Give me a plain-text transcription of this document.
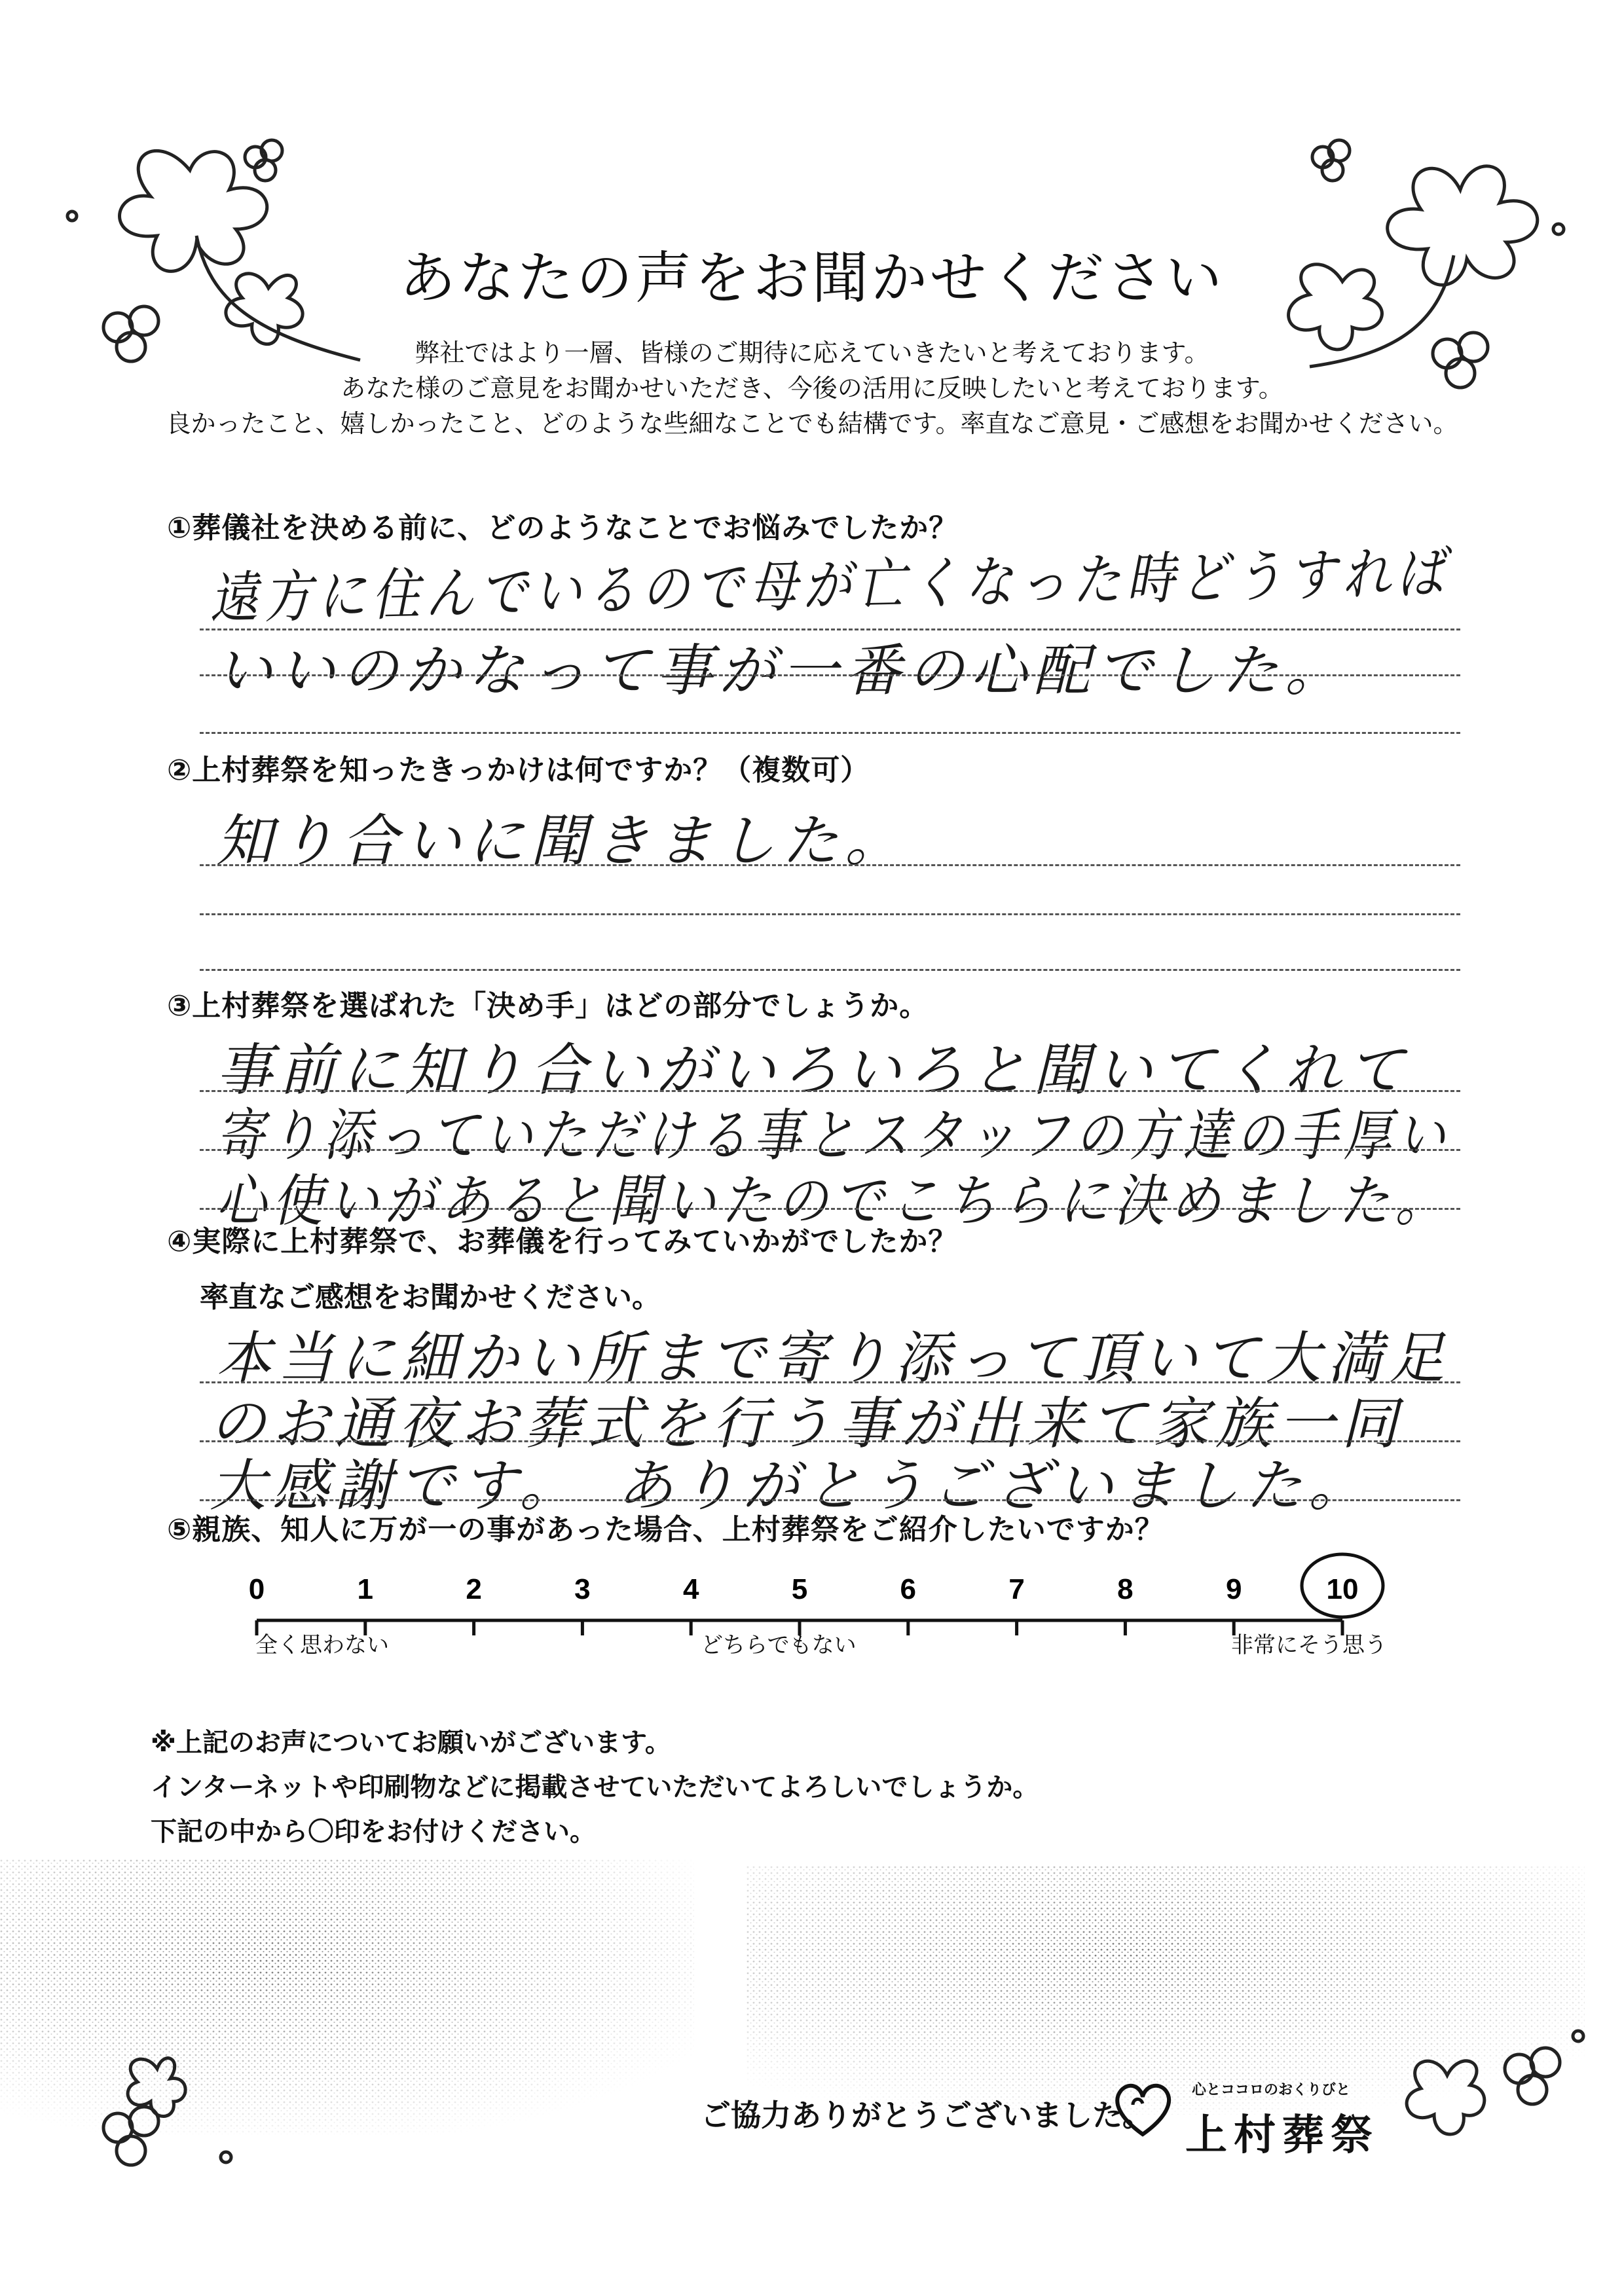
あなたの声をお聞かせください
弊社ではより一層、皆様のご期待に応えていきたいと考えております。
あなた様のご意見をお聞かせいただき、今後の活用に反映したいと考えております。
良かったこと、嬉しかったこと、どのような些細なことでも結構です。率直なご意見・ご感想をお聞かせください。
①葬儀社を決める前に、どのようなことでお悩みでしたか？
遠方に住んでいるので母が亡くなった時どうすれば
いいのかなって事が一番の心配でした。
②上村葬祭を知ったきっかけは何ですか？（複数可）
知り合いに聞きました。
③上村葬祭を選ばれた「決め手」はどの部分でしょうか。
事前に知り合いがいろいろと聞いてくれて
寄り添っていただける事とスタッフの方達の手厚い
心使いがあると聞いたのでこちらに決めました。
④実際に上村葬祭で、お葬儀を行ってみていかがでしたか？
率直なご感想をお聞かせください。
本当に細かい所まで寄り添って頂いて大満足
のお通夜お葬式を行う事が出来て家族一同
大感謝です。　ありがとうございました。
⑤親族、知人に万が一の事があった場合、上村葬祭をご紹介したいですか？
0	1	2	3	4	5	6	7	8	9	10
全く思わない	どちらでもない	非常にそう思う
※上記のお声についてお願いがございます。
インターネットや印刷物などに掲載させていただいてよろしいでしょうか。
下記の中から〇印をお付けください。
ご協力ありがとうございました。
心とココロのおくりびと
上村葬祭
